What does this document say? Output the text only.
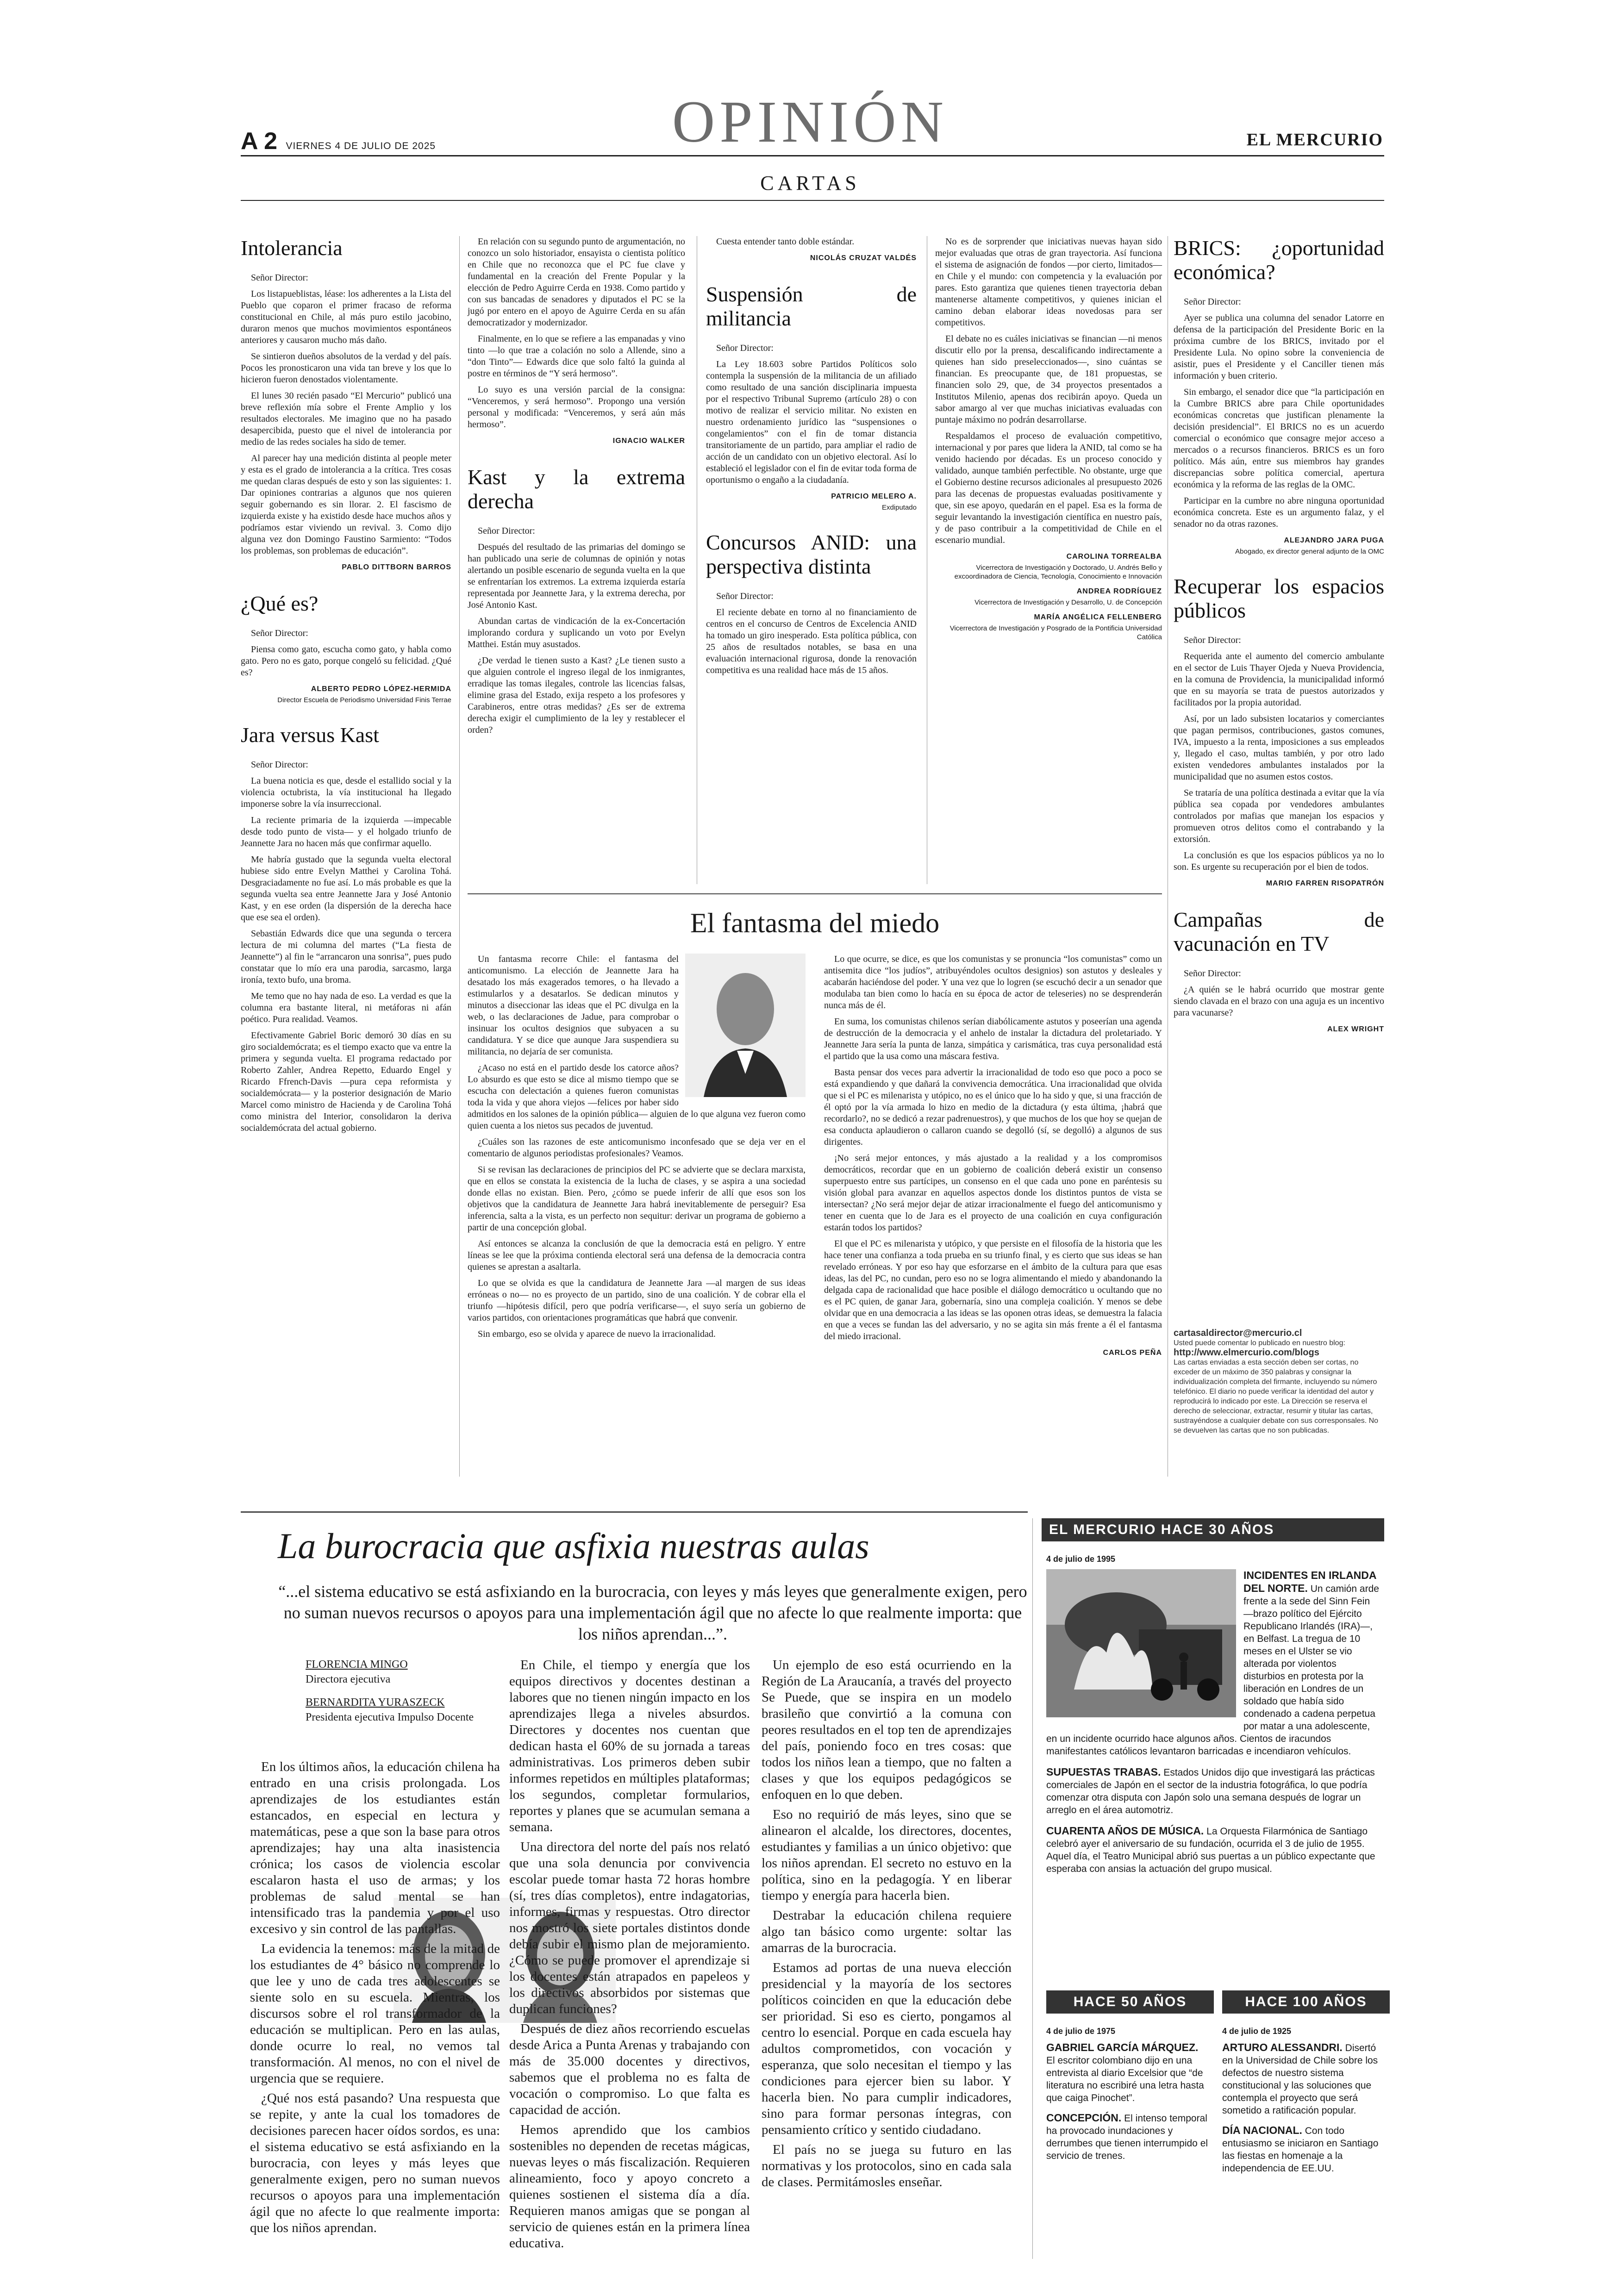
A 2 VIERNES 4 DE JULIO DE 2025	OPINIÓN	EL MERCURIO
CARTAS
Intolerancia

Señor Director:

Los listapueblistas, léase: los adherentes a la Lista del Pueblo que coparon el primer fracaso de reforma constitucional en Chile, al más puro estilo jacobino, duraron menos que muchos movimientos espontáneos anteriores y causaron mucho más daño.

Se sintieron dueños absolutos de la verdad y del país. Pocos les pronosticaron una vida tan breve y los que lo hicieron fueron denostados violentamente.

El lunes 30 recién pasado “El Mercurio” publicó una breve reflexión mía sobre el Frente Amplio y los resultados electorales. Me imagino que no ha pasado desapercibida, puesto que el nivel de intolerancia por medio de las redes sociales ha sido de temer.

Al parecer hay una medición distinta al people meter y esta es el grado de intolerancia a la crítica. Tres cosas me quedan claras después de esto y son las siguientes: 1. Dar opiniones contrarias a algunos que nos quieren seguir gobernando es sin llorar. 2. El fascismo de izquierda existe y ha existido desde hace muchos años y podríamos estar viviendo un revival. 3. Como dijo alguna vez don Domingo Faustino Sarmiento: “Todos los problemas, son problemas de educación”.

PABLO DITTBORN BARROS
¿Qué es?

Señor Director:

Piensa como gato, escucha como gato, y habla como gato. Pero no es gato, porque congeló su felicidad. ¿Qué es?

ALBERTO PEDRO LÓPEZ-HERMIDA
Director Escuela de Periodismo Universidad Finis Terrae
Jara versus Kast

Señor Director:

La buena noticia es que, desde el estallido social y la violencia octubrista, la vía institucional ha llegado imponerse sobre la vía insurreccional.

La reciente primaria de la izquierda —impecable desde todo punto de vista— y el holgado triunfo de Jeannette Jara no hacen más que confirmar aquello.

Me habría gustado que la segunda vuelta electoral hubiese sido entre Evelyn Matthei y Carolina Tohá. Desgraciadamente no fue así. Lo más probable es que la segunda vuelta sea entre Jeannette Jara y José Antonio Kast, y en ese orden (la dispersión de la derecha hace que ese sea el orden).

Sebastián Edwards dice que una segunda o tercera lectura de mi columna del martes (“La fiesta de Jeannette”) al fin le “arrancaron una sonrisa”, pues pudo constatar que lo mío era una parodia, sarcasmo, larga ironía, texto bufo, una broma.

Me temo que no hay nada de eso. La verdad es que la columna era bastante literal, ni metáforas ni afán poético. Pura realidad. Veamos.

Efectivamente Gabriel Boric demoró 30 días en su giro socialdemócrata; es el tiempo exacto que va entre la primera y segunda vuelta. El programa redactado por Roberto Zahler, Andrea Repetto, Eduardo Engel y Ricardo Ffrench-Davis —pura cepa reformista y socialdemócrata— y la posterior designación de Mario Marcel como ministro de Hacienda y de Carolina Tohá como ministra del Interior, consolidaron la deriva socialdemócrata del actual gobierno.

En relación con su segundo punto de argumentación, no conozco un solo historiador, ensayista o cientista político en Chile que no reconozca que el PC fue clave y fundamental en la creación del Frente Popular y la elección de Pedro Aguirre Cerda en 1938. Como partido y con sus bancadas de senadores y diputados el PC se la jugó por entero en el apoyo de Aguirre Cerda en su afán democratizador y modernizador.

Finalmente, en lo que se refiere a las empanadas y vino tinto —lo que trae a colación no solo a Allende, sino a “don Tinto”— Edwards dice que solo faltó la guinda al postre en términos de “Y será hermoso”.

Lo suyo es una versión parcial de la consigna: “Venceremos, y será hermoso”. Propongo una versión personal y modificada: “Venceremos, y será aún más hermoso”.

IGNACIO WALKER
Kast y la extrema derecha

Señor Director:

Después del resultado de las primarias del domingo se han publicado una serie de columnas de opinión y notas alertando un posible escenario de segunda vuelta en la que se enfrentarían los extremos. La extrema izquierda estaría representada por Jeannette Jara, y la extrema derecha, por José Antonio Kast.

Abundan cartas de vindicación de la ex-Concertación implorando cordura y suplicando un voto por Evelyn Matthei. Están muy asustados.

¿De verdad le tienen susto a Kast? ¿Le tienen susto a que alguien controle el ingreso ilegal de los inmigrantes, erradique las tomas ilegales, controle las licencias falsas, elimine grasa del Estado, exija respeto a los profesores y Carabineros, entre otras medidas? ¿Es ser de extrema derecha exigir el cumplimiento de la ley y restablecer el orden?

Cuesta entender tanto doble estándar.

NICOLÁS CRUZAT VALDÉS
Suspensión de militancia

Señor Director:

La Ley 18.603 sobre Partidos Políticos solo contempla la suspensión de la militancia de un afiliado como resultado de una sanción disciplinaria impuesta por el respectivo Tribunal Supremo (artículo 28) o con motivo de realizar el servicio militar. No existen en nuestro ordenamiento jurídico las “suspensiones o congelamientos” con el fin de tomar distancia transitoriamente de un partido, para ampliar el radio de acción de un candidato con un objetivo electoral. Así lo estableció el legislador con el fin de evitar toda forma de oportunismo o engaño a la ciudadanía.

PATRICIO MELERO A.
Exdiputado
Concursos ANID: una perspectiva distinta

Señor Director:

El reciente debate en torno al no financiamiento de centros en el concurso de Centros de Excelencia ANID ha tomado un giro inesperado. Esta política pública, con 25 años de resultados notables, se basa en una evaluación internacional rigurosa, donde la renovación competitiva es una realidad hace más de 15 años.

No es de sorprender que iniciativas nuevas hayan sido mejor evaluadas que otras de gran trayectoria. Así funciona el sistema de asignación de fondos —por cierto, limitados— en Chile y el mundo: con competencia y la evaluación por pares. Esto garantiza que quienes tienen trayectoria deban mantenerse altamente competitivos, y quienes inician el camino deban elaborar ideas novedosas para ser competitivos.

El debate no es cuáles iniciativas se financian —ni menos discutir ello por la prensa, descalificando indirectamente a quienes han sido preseleccionados—, sino cuántas se financian. Es preocupante que, de 181 propuestas, se financien solo 29, que, de 34 proyectos presentados a Institutos Milenio, apenas dos recibirán apoyo. Queda un sabor amargo al ver que muchas iniciativas evaluadas con puntaje máximo no podrán desarrollarse.

Respaldamos el proceso de evaluación competitivo, internacional y por pares que lidera la ANID, tal como se ha venido haciendo por décadas. Es un proceso conocido y validado, aunque también perfectible. No obstante, urge que el Gobierno destine recursos adicionales al presupuesto 2026 para las decenas de propuestas evaluadas positivamente y que, sin ese apoyo, quedarán en el papel. Esa es la forma de seguir levantando la investigación científica en nuestro país, y de paso contribuir a la competitividad de Chile en el escenario mundial.

CAROLINA TORREALBA
Vicerrectora de Investigación y Doctorado, U. Andrés Bello y excoordinadora de Ciencia, Tecnología, Conocimiento e Innovación
ANDREA RODRÍGUEZ
Vicerrectora de Investigación y Desarrollo, U. de Concepción
MARÍA ANGÉLICA FELLENBERG
Vicerrectora de Investigación y Posgrado de la Pontificia Universidad Católica
BRICS: ¿oportunidad económica?

Señor Director:

Ayer se publica una columna del senador Latorre en defensa de la participación del Presidente Boric en la próxima cumbre de los BRICS, invitado por el Presidente Lula. No opino sobre la conveniencia de asistir, pues el Presidente y el Canciller tienen más información y buen criterio.

Sin embargo, el senador dice que “la participación en la Cumbre BRICS abre para Chile oportunidades económicas concretas que justifican plenamente la decisión presidencial”. El BRICS no es un acuerdo comercial o económico que consagre mejor acceso a mercados o a recursos financieros. BRICS es un foro político. Más aún, entre sus miembros hay grandes discrepancias sobre política comercial, apertura económica y la reforma de las reglas de la OMC.

Participar en la cumbre no abre ninguna oportunidad económica concreta. Este es un argumento falaz, y el senador no da otras razones.

ALEJANDRO JARA PUGA
Abogado, ex director general adjunto de la OMC
Recuperar los espacios públicos

Señor Director:

Requerida ante el aumento del comercio ambulante en el sector de Luis Thayer Ojeda y Nueva Providencia, en la comuna de Providencia, la municipalidad informó que en su mayoría se trata de puestos autorizados y facilitados por la propia autoridad.

Así, por un lado subsisten locatarios y comerciantes que pagan permisos, contribuciones, gastos comunes, IVA, impuesto a la renta, imposiciones a sus empleados y, llegado el caso, multas también, y por otro lado existen vendedores ambulantes instalados por la municipalidad que no asumen estos costos.

Se trataría de una política destinada a evitar que la vía pública sea copada por vendedores ambulantes controlados por mafias que manejan los espacios y promueven otros delitos como el contrabando y la extorsión.

La conclusión es que los espacios públicos ya no lo son. Es urgente su recuperación por el bien de todos.

MARIO FARREN RISOPATRÓN
Campañas de vacunación en TV

Señor Director:

¿A quién se le habrá ocurrido que mostrar gente siendo clavada en el brazo con una aguja es un incentivo para vacunarse?

ALEX WRIGHT
cartasaldirector@mercurio.cl
Usted puede comentar lo publicado en nuestro blog:
http://www.elmercurio.com/blogs
Las cartas enviadas a esta sección deben ser cortas, no exceder de un máximo de 350 palabras y consignar la individualización completa del firmante, incluyendo su número telefónico. El diario no puede verificar la identidad del autor y reproducirá lo indicado por este. La Dirección se reserva el derecho de seleccionar, extractar, resumir y titular las cartas, sustrayéndose a cualquier debate con sus corresponsales. No se devuelven las cartas que no son publicadas.
El fantasma del miedo

Un fantasma recorre Chile: el fantasma del anticomunismo. La elección de Jeannette Jara ha desatado los más exagerados temores, o ha llevado a estimularlos y a desatarlos. Se dedican minutos y minutos a diseccionar las ideas que el PC divulga en la web, o las declaraciones de Jadue, para comprobar o insinuar los ocultos designios que subyacen a su candidatura. Y se dice que aunque Jara suspendiera su militancia, no dejaría de ser comunista.

¿Acaso no está en el partido desde los catorce años? Lo absurdo es que esto se dice al mismo tiempo que se escucha con delectación a quienes fueron comunistas toda la vida y que ahora viejos —felices por haber sido admitidos en los salones de la opinión pública— alguien de lo que alguna vez fueron como quien cuenta a los nietos sus pecados de juventud.

¿Cuáles son las razones de este anticomunismo inconfesado que se deja ver en el comentario de algunos periodistas profesionales? Veamos.

Si se revisan las declaraciones de principios del PC se advierte que se declara marxista, que en ellos se constata la existencia de la lucha de clases, y se aspira a una sociedad donde ellas no existan. Bien. Pero, ¿cómo se puede inferir de allí que esos son los objetivos que la candidatura de Jeannette Jara habrá inevitablemente de perseguir? Esa inferencia, salta a la vista, es un perfecto non sequitur: derivar un programa de gobierno a partir de una concepción global.

Así entonces se alcanza la conclusión de que la democracia está en peligro. Y entre líneas se lee que la próxima contienda electoral será una defensa de la democracia contra quienes se aprestan a asaltarla.

Lo que se olvida es que la candidatura de Jeannette Jara —al margen de sus ideas erróneas o no— no es proyecto de un partido, sino de una coalición. Y de cobrar ella el triunfo —hipótesis difícil, pero que podría verificarse—, el suyo sería un gobierno de varios partidos, con orientaciones programáticas que habrá que convenir.

Sin embargo, eso se olvida y aparece de nuevo la irracionalidad.

Lo que ocurre, se dice, es que los comunistas y se pronuncia “los comunistas” como un antisemita dice “los judíos”, atribuyéndoles ocultos designios) son astutos y desleales y acabarán haciéndose del poder. Y una vez que lo logren (se escuchó decir a un senador que modulaba tan bien como lo hacía en su época de actor de teleseries) no se desprenderán nunca más de él.

En suma, los comunistas chilenos serían diabólicamente astutos y poseerían una agenda de destrucción de la democracia y el anhelo de instalar la dictadura del proletariado. Y Jeannette Jara sería la punta de lanza, simpática y carismática, tras cuya personalidad está el partido que la usa como una máscara festiva.

Basta pensar dos veces para advertir la irracionalidad de todo eso que poco a poco se está expandiendo y que dañará la convivencia democrática. Una irracionalidad que olvida que si el PC es milenarista y utópico, no es el único que lo ha sido y que, si una fracción de él optó por la vía armada lo hizo en medio de la dictadura (y esta última, ¡habrá que recordarlo?, no se dedicó a rezar padrenuestros), y que muchos de los que hoy se quejan de esa conducta aplaudieron o callaron cuando se degolló (sí, se degolló) a algunos de sus dirigentes.

¡No será mejor entonces, y más ajustado a la realidad y a los compromisos democráticos, recordar que en un gobierno de coalición deberá existir un consenso superpuesto entre sus partícipes, un consenso en el que cada uno pone en paréntesis su visión global para avanzar en aquellos aspectos donde los distintos puntos de vista se intersectan? ¿No será mejor dejar de atizar irracionalmente el fuego del anticomunismo y tener en cuenta que lo de Jara es el proyecto de una coalición en cuya configuración estarán todos los partidos?

El que el PC es milenarista y utópico, y que persiste en el filosofía de la historia que les hace tener una confianza a toda prueba en su triunfo final, y es cierto que sus ideas se han revelado erróneas. Y por eso hay que esforzarse en el ámbito de la cultura para que esas ideas, las del PC, no cundan, pero eso no se logra alimentando el miedo y abandonando la delgada capa de racionalidad que hace posible el diálogo democrático u ocultando que no es el PC quien, de ganar Jara, gobernaría, sino una compleja coalición. Y menos se debe olvidar que en una democracia a las ideas se las oponen otras ideas, se demuestra la falacia en que a veces se fundan las del adversario, y no se agita sin más frente a él el fantasma del miedo irracional.

CARLOS PEÑA
La burocracia que asfixia nuestras aulas
“...el sistema educativo se está asfixiando en la burocracia, con leyes y más leyes que generalmente exigen, pero no suman nuevos recursos o apoyos para una implementación ágil que no afecte lo que realmente importa: que los niños aprendan...”.
FLORENCIA MINGO
Directora ejecutiva
BERNARDITA YURASZECK
Presidenta ejecutiva Impulso Docente

En los últimos años, la educación chilena ha entrado en una crisis prolongada. Los aprendizajes de los estudiantes están estancados, en especial en lectura y matemáticas, pese a que son la base para otros aprendizajes; hay una alta inasistencia crónica; los casos de violencia escolar escalaron hasta el uso de armas; y los problemas de salud mental se han intensificado tras la pandemia y por el uso excesivo y sin control de las pantallas.

La evidencia la tenemos: más de la mitad de los estudiantes de 4° básico no comprende lo que lee y uno de cada tres adolescentes se siente solo en su escuela. Mientras, los discursos sobre el rol transformador de la educación se multiplican. Pero en las aulas, donde ocurre lo real, no vemos tal transformación. Al menos, no con el nivel de urgencia que se requiere.

¿Qué nos está pasando? Una respuesta que se repite, y ante la cual los tomadores de decisiones parecen hacer oídos sordos, es una: el sistema educativo se está asfixiando en la burocracia, con leyes y más leyes que generalmente exigen, pero no suman nuevos recursos o apoyos para una implementación ágil que no afecte lo que realmente importa: que los niños aprendan.

En Chile, el tiempo y energía que los equipos directivos y docentes destinan a labores que no tienen ningún impacto en los aprendizajes llega a niveles absurdos. Directores y docentes nos cuentan que dedican hasta el 60% de su jornada a tareas administrativas. Los primeros deben subir informes repetidos en múltiples plataformas; los segundos, completar formularios, reportes y planes que se acumulan semana a semana.

Una directora del norte del país nos relató que una sola denuncia por convivencia escolar puede tomar hasta 72 horas hombre (sí, tres días completos), entre indagatorias, informes, firmas y respuestas. Otro director nos mostró los siete portales distintos donde debía subir el mismo plan de mejoramiento. ¿Cómo se puede promover el aprendizaje si los docentes están atrapados en papeleos y los directivos absorbidos por sistemas que duplican funciones?

Después de diez años recorriendo escuelas desde Arica a Punta Arenas y trabajando con más de 35.000 docentes y directivos, sabemos que el problema no es falta de vocación o compromiso. Lo que falta es capacidad de acción.

Hemos aprendido que los cambios sostenibles no dependen de recetas mágicas, nuevas leyes o más fiscalización. Requieren alineamiento, foco y apoyo concreto a quienes sostienen el sistema día a día. Requieren manos amigas que se pongan al servicio de quienes están en la primera línea educativa.

Un ejemplo de eso está ocurriendo en la Región de La Araucanía, a través del proyecto Se Puede, que se inspira en un modelo brasileño que convirtió a la comuna con peores resultados en el top ten de aprendizajes del país, poniendo foco en tres cosas: que todos los niños lean a tiempo, que no falten a clases y que los equipos pedagógicos se enfoquen en lo que deben.

Eso no requirió de más leyes, sino que se alinearon el alcalde, los directores, docentes, estudiantes y familias a un único objetivo: que los niños aprendan. El secreto no estuvo en la política, sino en la pedagogía. Y en liberar tiempo y energía para hacerla bien.

Destrabar la educación chilena requiere algo tan básico como urgente: soltar las amarras de la burocracia.

Estamos ad portas de una nueva elección presidencial y la mayoría de los sectores políticos coinciden en que la educación debe ser prioridad. Si eso es cierto, pongamos al centro lo esencial. Porque en cada escuela hay adultos comprometidos, con vocación y esperanza, que solo necesitan el tiempo y las condiciones para ejercer bien su labor. Y hacerla bien. No para cumplir indicadores, sino para formar personas íntegras, con pensamiento crítico y sentido ciudadano.

El país no se juega su futuro en las normativas y los protocolos, sino en cada sala de clases. Permitámosles enseñar.

EL MERCURIO HACE 30 AÑOS
4 de julio de 1995
INCIDENTES EN IRLANDA DEL NORTE. Un camión arde frente a la sede del Sinn Fein —brazo político del Ejército Republicano Irlandés (IRA)—, en Belfast. La tregua de 10 meses en el Ulster se vio alterada por violentos disturbios en protesta por la liberación en Londres de un soldado que había sido condenado a cadena perpetua por matar a una adolescente, en un incidente ocurrido hace algunos años. Cientos de iracundos manifestantes católicos levantaron barricadas e incendiaron vehículos.
SUPUESTAS TRABAS. Estados Unidos dijo que investigará las prácticas comerciales de Japón en el sector de la industria fotográfica, lo que podría comenzar otra disputa con Japón solo una semana después de lograr un arreglo en el área automotriz.
CUARENTA AÑOS DE MÚSICA. La Orquesta Filarmónica de Santiago celebró ayer el aniversario de su fundación, ocurrida el 3 de julio de 1955. Aquel día, el Teatro Municipal abrió sus puertas a un público expectante que esperaba con ansias la actuación del grupo musical.
HACE 50 AÑOS
4 de julio de 1975
GABRIEL GARCÍA MÁRQUEZ. El escritor colombiano dijo en una entrevista al diario Excelsior que “de literatura no escribiré una letra hasta que caiga Pinochet”.
CONCEPCIÓN. El intenso temporal ha provocado inundaciones y derrumbes que tienen interrumpido el servicio de trenes.
HACE 100 AÑOS
4 de julio de 1925
ARTURO ALESSANDRI. Disertó en la Universidad de Chile sobre los defectos de nuestro sistema constitucional y las soluciones que contempla el proyecto que será sometido a ratificación popular.
DÍA NACIONAL. Con todo entusiasmo se iniciaron en Santiago las fiestas en homenaje a la independencia de EE.UU.
